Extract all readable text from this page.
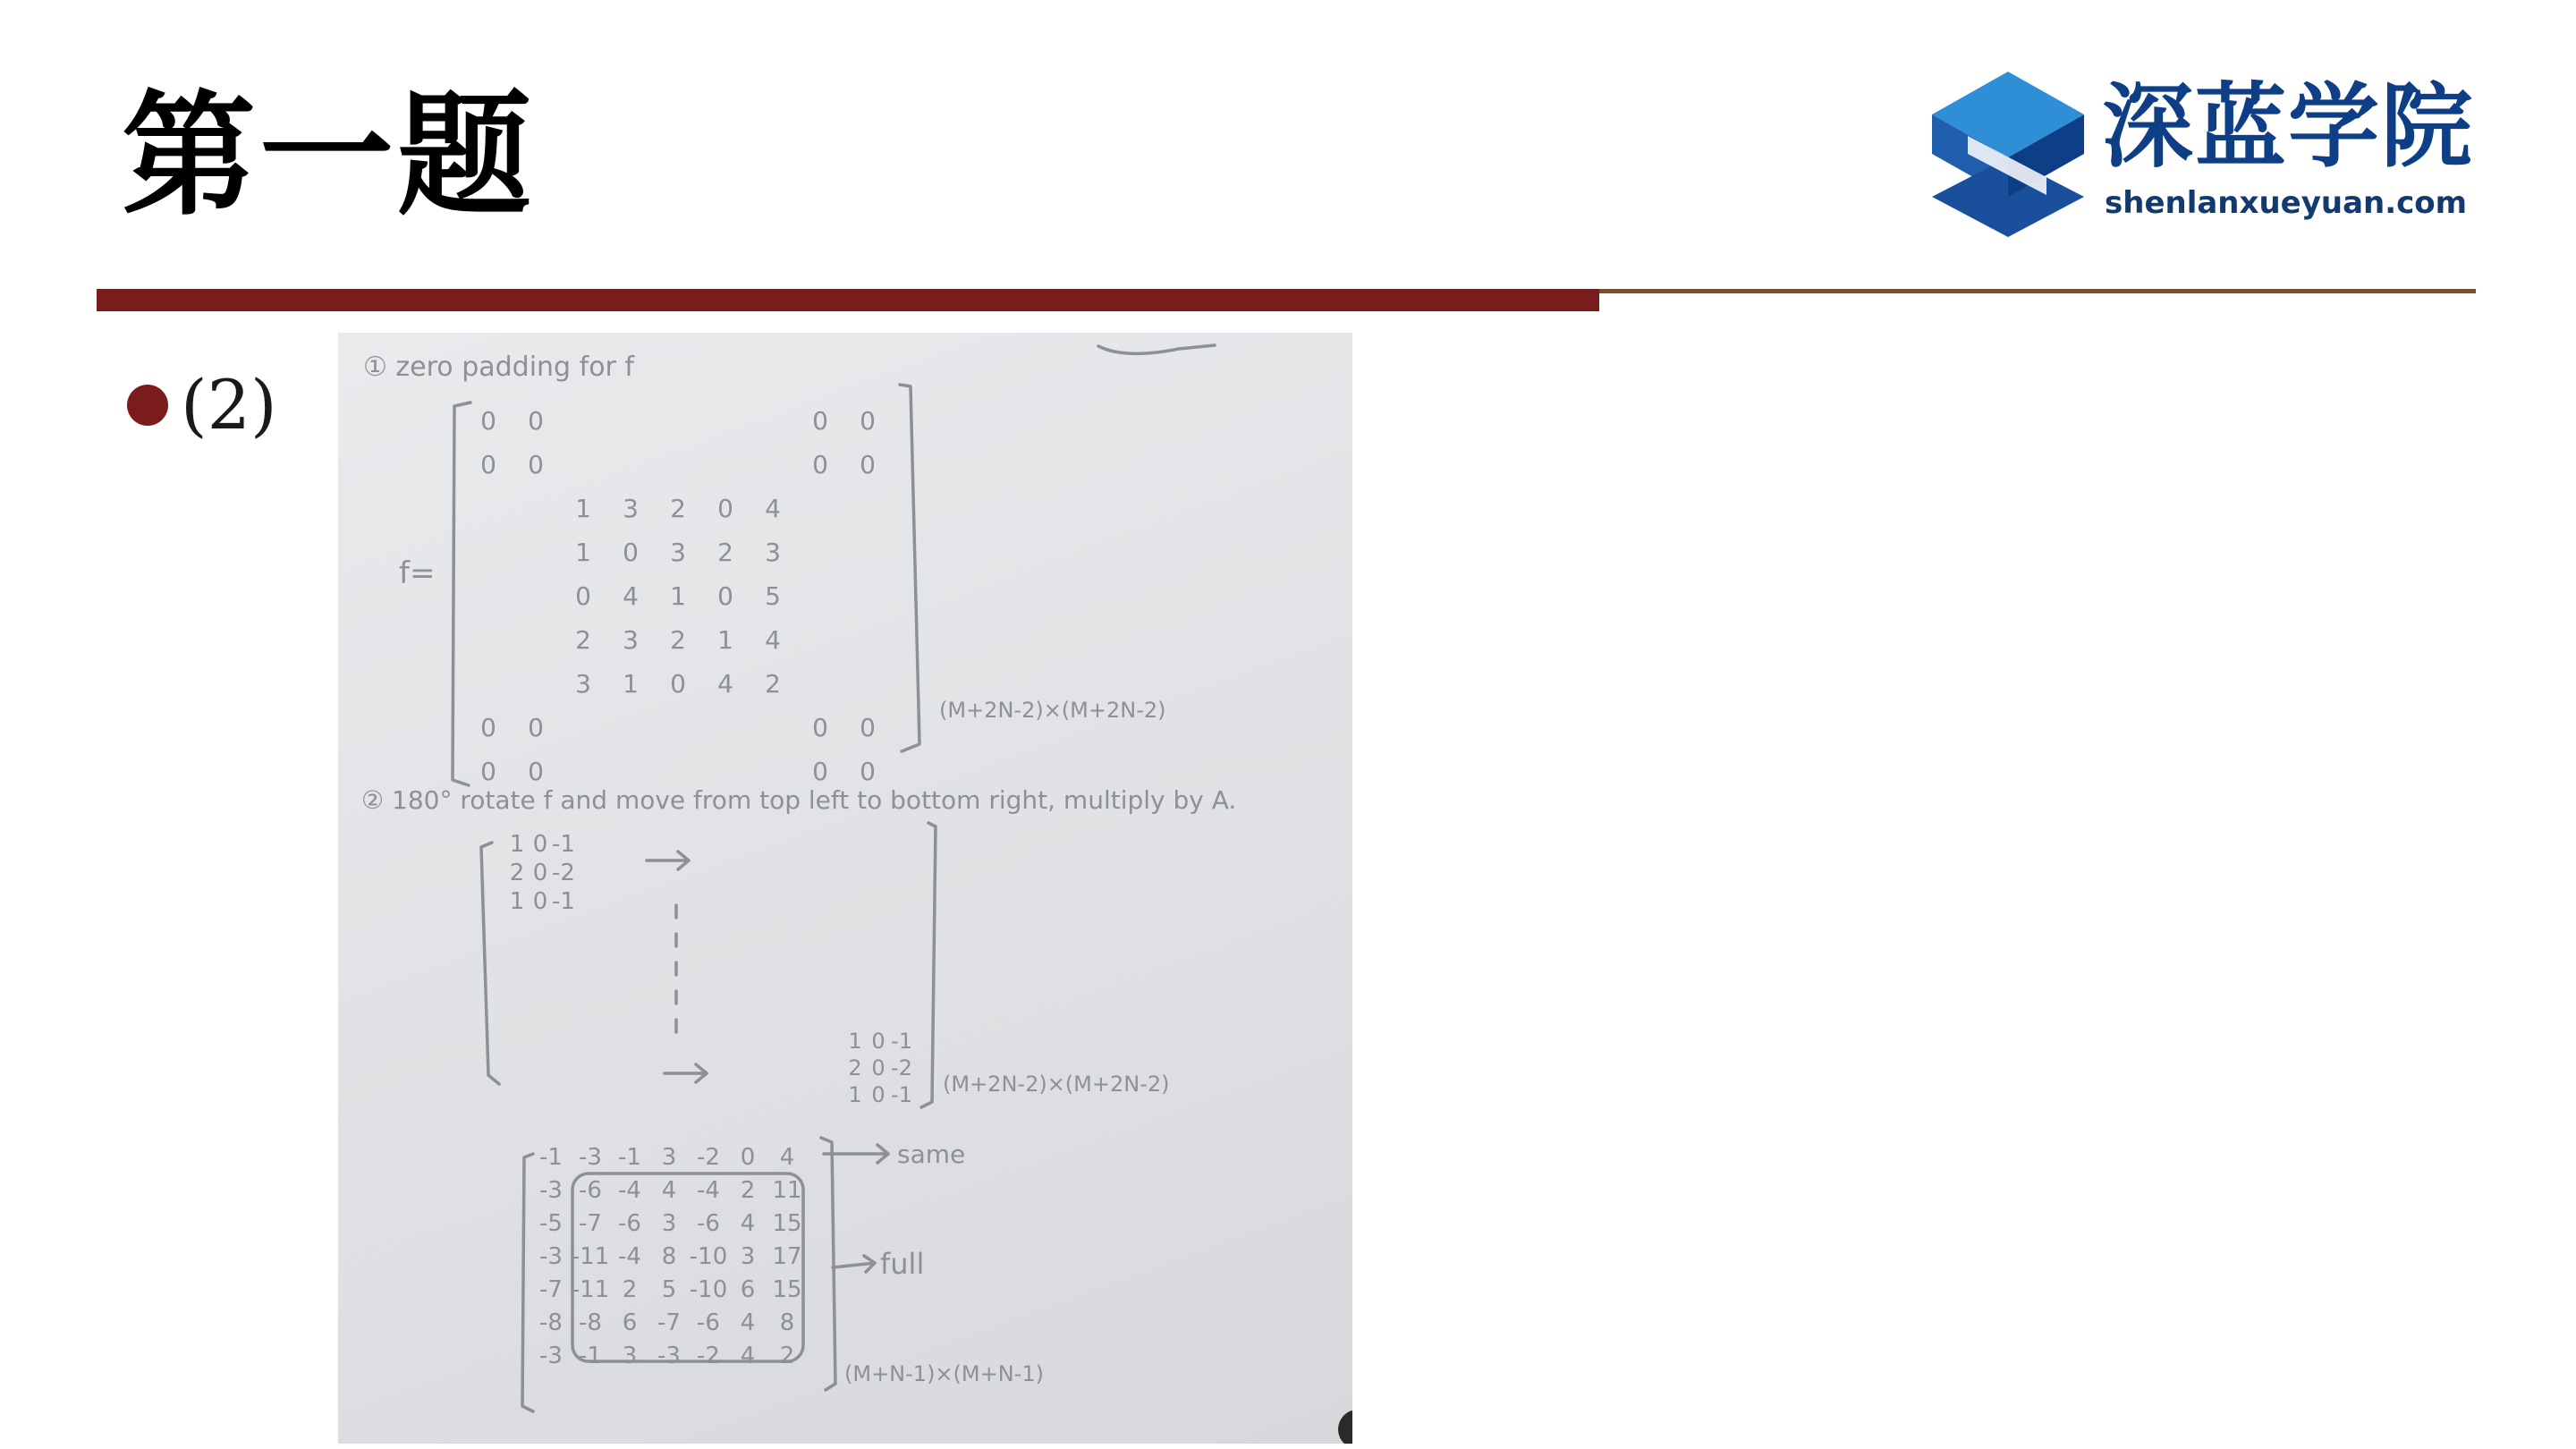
第一题	深蓝学院
shenlanxueyuan.com
(2)	① zero padding for f
f=
0 0	0 0
0 0	0 0
1 3 2 0 4
1 0 3 2 3
0 4 1 0 5
2 3 2 1 4
3 1 0 4 2
0 0	0 0
0 0	0 0
(M+2N-2)×(M+2N-2)
② 180° rotate f and move from top left to bottom right, multiply by A.
1 0 -1
2 0 -2
1 0 -1
1 0 -1
2 0 -2
1 0 -1 (M+2N-2)×(M+2N-2)
same
full
-1 -3 -1 3 -2 0 4
-3 -6 -4 4 -4 2 11
-5 -7 -6 3 -6 4 15
-3 -11 -4 8 -10 3 17
-7 -11 2 5 -10 6 15
-8 -8 6 -7 -6 4 8
-3 -1 3 -3 -2 4 2
(M+N-1)×(M+N-1)
